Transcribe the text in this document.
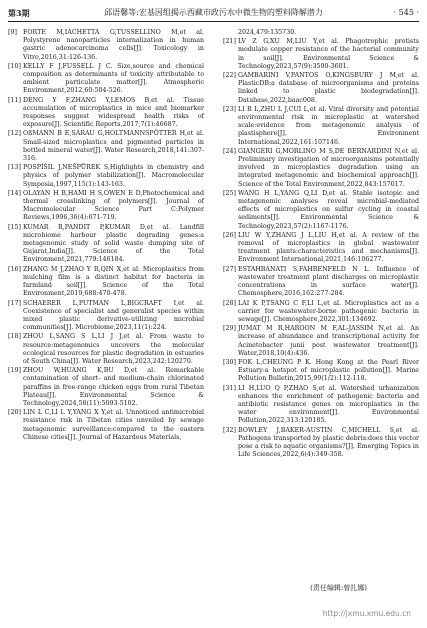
第3期	邱语馨等:宏基因组揭示西藏市政污水中微生物的塑料降解潜力	· 545 ·
[9] FORTE M,IACHETTA G,TUSSELLINO M,et al. Polystyrene nanoparticles internalization in human gastric adenocarcinoma cells[J]. Toxicology in Vitro,2016,31:126-136.
[10] KELLY F J,FUSSELL J C. Size,source and chemical composition as determinants of toxicity attributable to ambient particulate matter[J]. Atmospheric Environment,2012,60:504-526.
[11] DENG Y F,ZHANG Y,LEMOS B,et al. Tissue accumulation of microplastics in mice and biomarker responses suggest widespread health risks of exposure[J]. Scientific Reports,2017,7(1):46687.
[12] OßMANN B E,SARAU G,HOLTMANNSPÖTTER H,et al. Small-sized microplastics and pigmented particles in bottled mineral water[J]. Water Research,2018,141:307-316.
[13] POSPÍŠIL J,NEŠPŮREK S,Highlights in chemistry and physics of polymer stabilization[J]. Macromolecular Symposia,1997,115(1):143-163.
[14] OLAYAN H B,HAMI H S,OWEN E D,Photochemical and thermal crosslinking of polymers[J]. Journal of Macromolecular Science Part C:Polymer Reviews,1996,36(4):671-719.
[15] KUMAR R,PANDIT P,KUMAR D,et al. Landfill microbiome harbour plastic degrading genes:a metagenomic study of solid waste dumping site of Gujarat,India[J]. Science of the Total Environment,2021,779:146184.
[16] ZHANG M J,ZHAO Y R,QIN X,et al. Microplastics from mulching film is a distinct habitat for bacteria in farmland soil[J]. Science of the Total Environment,2019,688:470-478.
[17] SCHAERER L,PUTMAN L,BIGCRAFT I,et al. Coexistence of specialist and generalist species within mixed plastic derivative-utilizing microbial communities[J]. Microbiome,2023,11(1):224.
[18] ZHOU L,SANG S L,LI J J,et al. From waste to resource:metagenomics uncovers the molecular ecological resources for plastic degradation in estuaries of South China[J]. Water Research,2023,242:120270.
[19] ZHOU W,HUANG K,BU D,et al. Remarkable contamination of short- and medium-chain chlorinated paraffins in free-range chicken eggs from rural Tibetan Plateau[J]. Environmental Science & Technology,2024,58(11):5093-5102.
[20] LIN L C,LI L Y,YANG X Y,et al. Unnoticed antimicrobial resistance risk in Tibetan cities unveiled by sewage metagenomic surveillance:compared to the eastern Chinese cities[J]. Journal of Hazardous Materials,
2024,479:135730.
[21] LV Z G,XU M,LIU Y,et al. Phagotrophic protists modulate copper resistance of the bacterial community in soil[J]. Environmental Science & Technology,2023,57(9):3590-3601.
[22] GAMBARINI V,PANTOS O,KINGSBURY J M,et al. PlasticDB:a database of microorganisms and proteins linked to plastic biodegradation[J]. Database,2022,baac008.
[23] LI R L,ZHU L J,CUI L,et al. Viral diversity and potential environmental risk in microplastic at watershed scale:evidence from metagenomic analysis of plastisphere[J]. Environment International,2022,161:107146.
[24] GIANGERI G,MORLINO M S,DE BERNARDINI N,et al. Preliminary investigation of microorganisms potentially involved in microplastics degradation using an integrated metagenomic and biochemical approach[J]. Science of the Total Environment,2022,843:157017.
[25] WANG H L,YANG Q,LI D,et al. Stable isotopic and metagenomic analyses reveal microbial-mediated effects of microplastics on sulfur cycling in coastal sediments[J]. Environmental Science & Technology,2023,57(2):1167-1176.
[26] LIU W Y,ZHANG J L,LIU H,et al. A review of the removal of microplastics in global wastewater treatment plants:characteristics and mechanisms[J]. Environment International,2021,146:106277.
[27] ESTAHBANATI S,FAHRENFELD N L. Influence of wastewater treatment plant discharges on microplastic concentrations in surface water[J]. Chemosphere,2016,162:277-284.
[28] LAI K P,TSANG C F,LI L,et al. Microplastics act as a carrier for wastewater-borne pathogenic bacteria in sewage[J]. Chemosphere,2022,301:134692.
[29] JUMAT M R,HAROON M F,AL-JASSIM N,et al. An increase of abundance and transcriptional activity for Acinetobacter junii post wastewater treatment[J]. Water,2018,10(4):436.
[30] FOK L,CHEUNG P K. Hong Kong at the Pearl River Estuary:a hotspot of microplastic pollution[J]. Marine Pollution Bulletin,2015,99(1/2):112-118.
[31] LI H,LUO Q P,ZHAO S,et al. Watershed urbanization enhances the enrichment of pathogenic bacteria and antibiotic resistance genes on microplastics in the water environment[J]. Environmental Pollution,2022,313:120185.
[32] BOWLEY J,BAKER-AUSTIN C,MICHELL S,et al. Pathogens transported by plastic debris:does this vector pose a risk to aquatic organisms?[J]. Emerging Topics in Life Sciences,2022,6(4):349-358.
(责任编辑:曾扎娜)
http://jxmu.xmu.edu.cn
